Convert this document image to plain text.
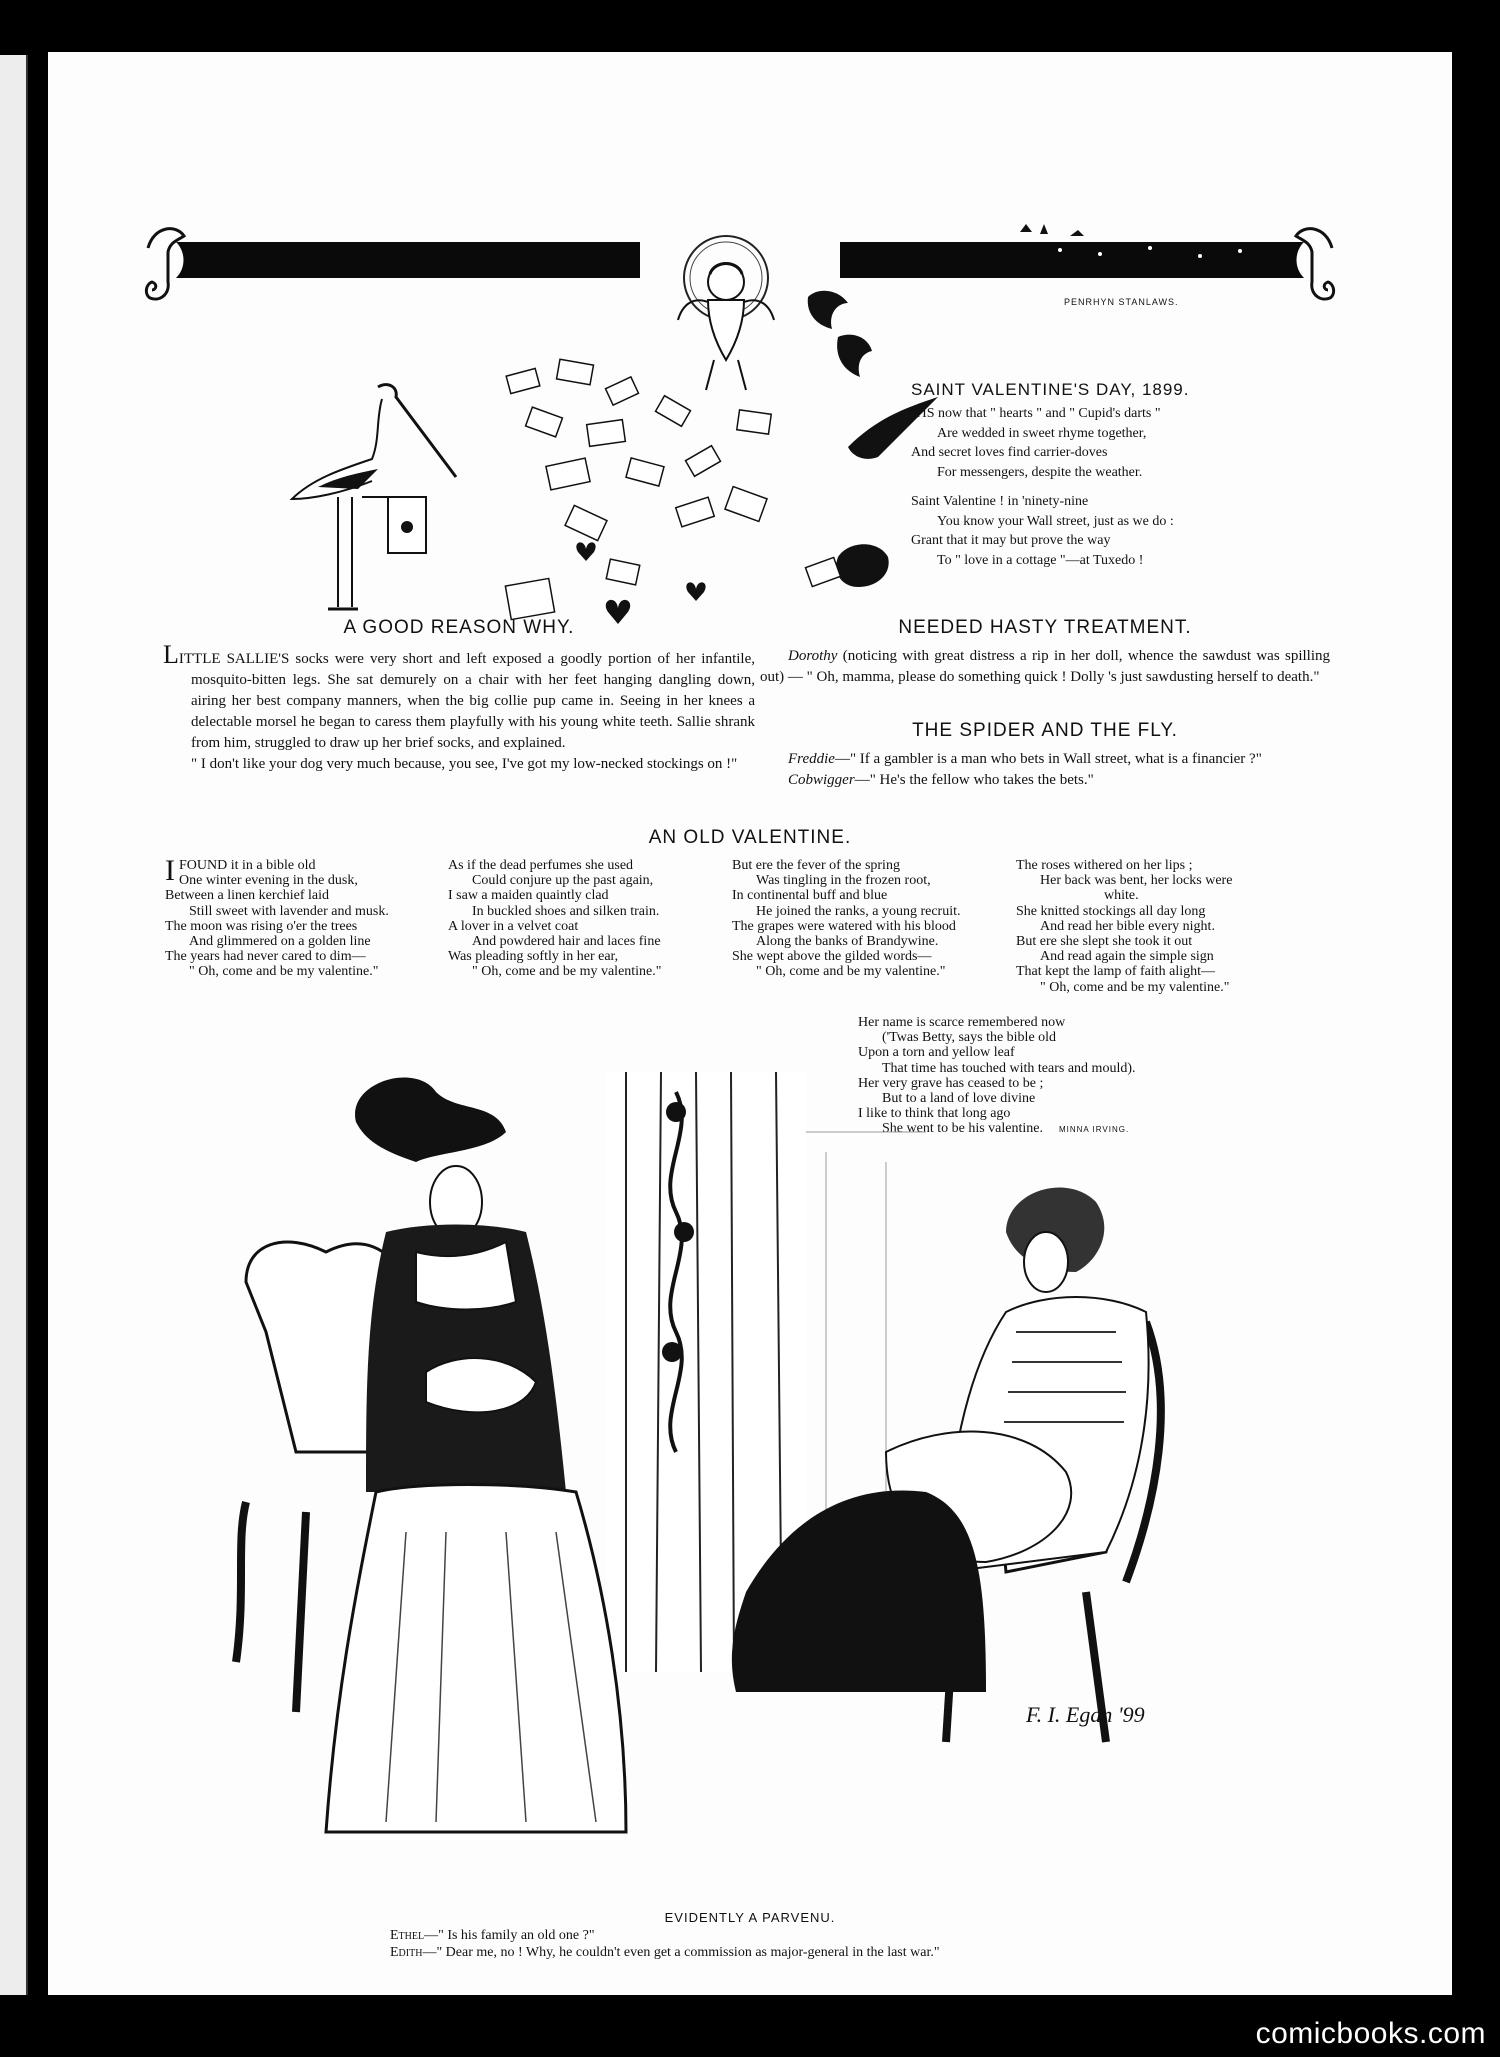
PENRHYN STANLAWS.
SAINT VALENTINE'S DAY, 1899.
'TIS now that " hearts " and " Cupid's darts "
Are wedded in sweet rhyme together,
And secret loves find carrier-doves
For messengers, despite the weather.
Saint Valentine ! in 'ninety-nine
You know your Wall street, just as we do :
Grant that it may but prove the way
To " love in a cottage "—at Tuxedo !
A GOOD REASON WHY.

LITTLE SALLIE'S socks were very short and left exposed a goodly portion of her infantile, mosquito-bitten legs. She sat demurely on a chair with her feet hanging dangling down, airing her best company manners, when the big collie pup came in. Seeing in her knees a delectable morsel he began to caress them playfully with his young white teeth. Sallie shrank from him, struggled to draw up her brief socks, and explained.

" I don't like your dog very much because, you see, I've got my low-necked stockings on !"

NEEDED HASTY TREATMENT.

Dorothy (noticing with great distress a rip in her doll, whence the sawdust was spilling out) — " Oh, mamma, please do something quick ! Dolly 's just sawdusting herself to death."

THE SPIDER AND THE FLY.

Freddie—" If a gambler is a man who bets in Wall street, what is a financier ?"

Cobwigger—" He's the fellow who takes the bets."

AN OLD VALENTINE.
I FOUND it in a bible old
One winter evening in the dusk,
Between a linen kerchief laid
Still sweet with lavender and musk.
The moon was rising o'er the trees
And glimmered on a golden line
The years had never cared to dim—
" Oh, come and be my valentine."
As if the dead perfumes she used
Could conjure up the past again,
I saw a maiden quaintly clad
In buckled shoes and silken train.
A lover in a velvet coat
And powdered hair and laces fine
Was pleading softly in her ear,
" Oh, come and be my valentine."
But ere the fever of the spring
Was tingling in the frozen root,
In continental buff and blue
He joined the ranks, a young recruit.
The grapes were watered with his blood
Along the banks of Brandywine.
She wept above the gilded words—
" Oh, come and be my valentine."
The roses withered on her lips ;
Her back was bent, her locks were
white.
She knitted stockings all day long
And read her bible every night.
But ere she slept she took it out
And read again the simple sign
That kept the lamp of faith alight—
" Oh, come and be my valentine."
Her name is scarce remembered now
('Twas Betty, says the bible old
Upon a torn and yellow leaf
That time has touched with tears and mould).
Her very grave has ceased to be ;
But to a land of love divine
I like to think that long ago
She went to be his valentine. MINNA IRVING.
F. I. Egan '99
EVIDENTLY A PARVENU.
Ethel—" Is his family an old one ?"
Edith—" Dear me, no ! Why, he couldn't even get a commission as major-general in the last war."
comicbooks.com
